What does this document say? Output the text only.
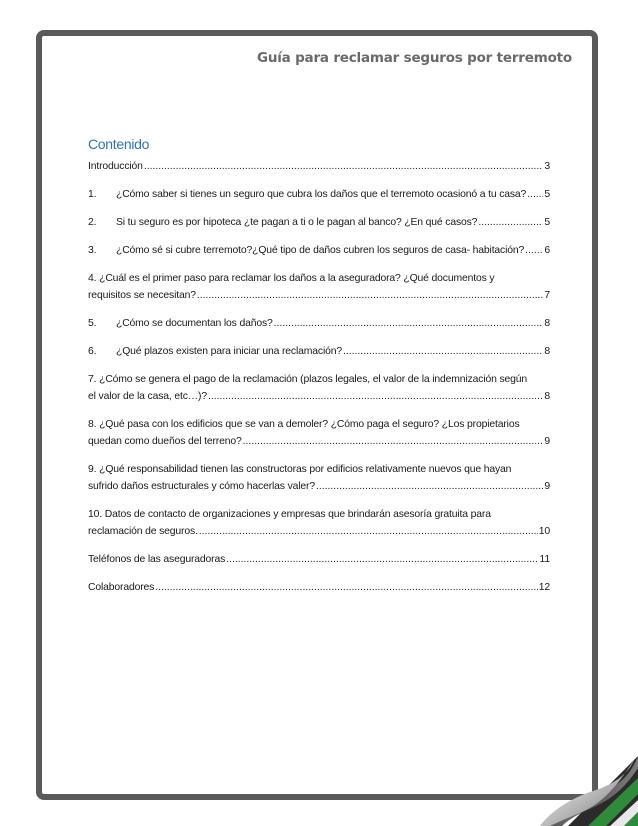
Guía para reclamar seguros por terremoto
Contenido
Introducción .....	3
1.	¿Cómo saber si tienes un seguro que cubra los daños que el terremoto ocasionó a tu casa? ..... 5
2.	Si tu seguro es por hipoteca ¿te pagan a ti o le pagan al banco? ¿En qué casos? .....	5
3.	¿Cómo sé si cubre terremoto?¿Qué tipo de daños cubren los seguros de casa- habitación? ..... 6
4. ¿Cuál es el primer paso para reclamar los daños a la aseguradora? ¿Qué documentos y
requisitos se necesitan? .....	7
5.	¿Cómo se documentan los daños? .....	8
6.	¿Qué plazos existen para iniciar una reclamación? .....	8
7. ¿Cómo se genera el pago de la reclamación (plazos legales, el valor de la indemnización según
el valor de la casa, etc…)? .....	8
8. ¿Qué pasa con los edificios que se van a demoler? ¿Cómo paga el seguro? ¿Los propietarios
quedan como dueños del terreno? .....	9
9. ¿Qué responsabilidad tienen las constructoras por edificios relativamente nuevos que hayan
sufrido daños estructurales y cómo hacerlas valer? .....	9
10. Datos de contacto de organizaciones y empresas que brindarán asesoría gratuita para
reclamación de seguros. .....	10
Teléfonos de las aseguradoras .....	11
Colaboradores .....	12
